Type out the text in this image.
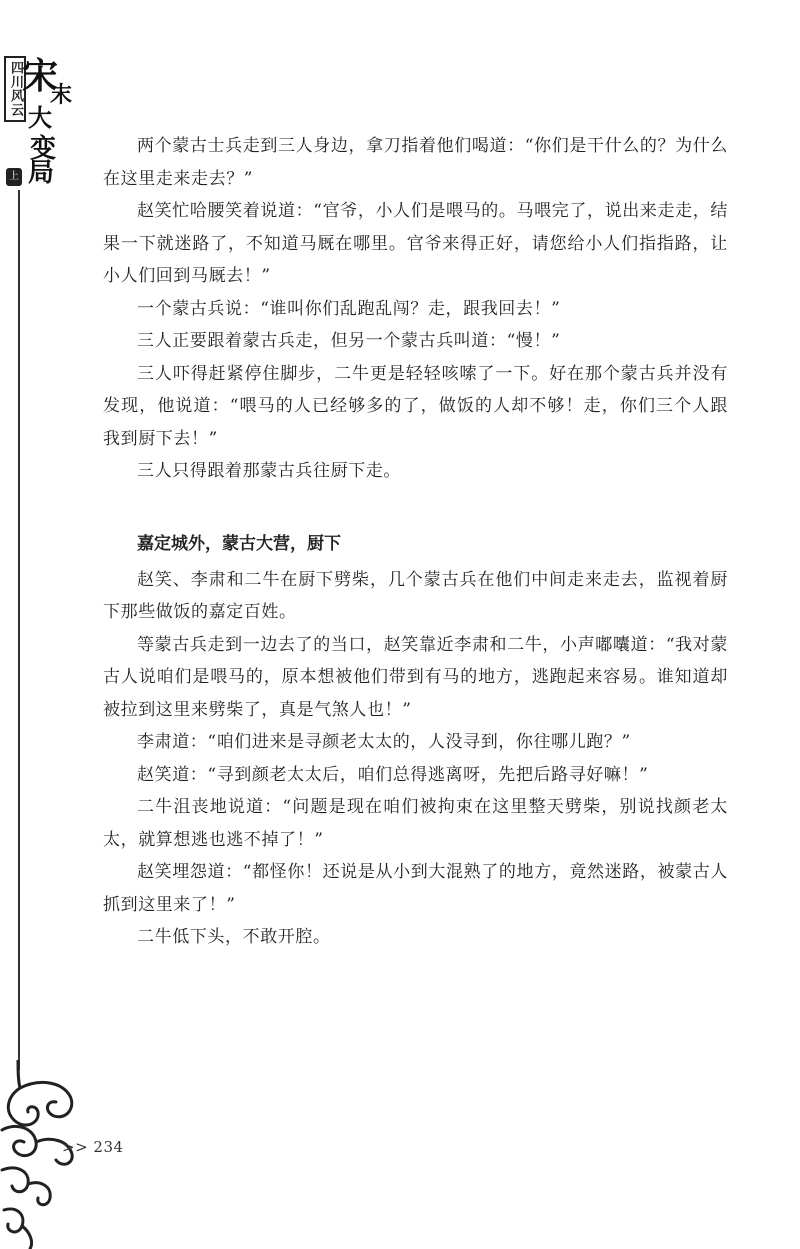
四川风云
上
宋
末
大
变
局

两个蒙古士兵走到三人身边，拿刀指着他们喝道：“你们是干什么的？为什么在这里走来走去？”

赵笑忙哈腰笑着说道：“官爷，小人们是喂马的。马喂完了，说出来走走，结果一下就迷路了，不知道马厩在哪里。官爷来得正好，请您给小人们指指路，让小人们回到马厩去！”

一个蒙古兵说：“谁叫你们乱跑乱闯？走，跟我回去！”

三人正要跟着蒙古兵走，但另一个蒙古兵叫道：“慢！”

三人吓得赶紧停住脚步，二牛更是轻轻咳嗦了一下。好在那个蒙古兵并没有发现，他说道：“喂马的人已经够多的了，做饭的人却不够！走，你们三个人跟我到厨下去！”

三人只得跟着那蒙古兵往厨下走。

嘉定城外，蒙古大营，厨下

赵笑、李肃和二牛在厨下劈柴，几个蒙古兵在他们中间走来走去，监视着厨下那些做饭的嘉定百姓。

等蒙古兵走到一边去了的当口，赵笑靠近李肃和二牛，小声嘟囔道：“我对蒙古人说咱们是喂马的，原本想被他们带到有马的地方，逃跑起来容易。谁知道却被拉到这里来劈柴了，真是气煞人也！”

李肃道：“咱们进来是寻颜老太太的，人没寻到，你往哪儿跑？”

赵笑道：“寻到颜老太太后，咱们总得逃离呀，先把后路寻好嘛！”

二牛沮丧地说道：“问题是现在咱们被拘束在这里整天劈柴，别说找颜老太太，就算想逃也逃不掉了！”

赵笑埋怨道：“都怪你！还说是从小到大混熟了的地方，竟然迷路，被蒙古人抓到这里来了！”

二牛低下头，不敢开腔。

>> 234
